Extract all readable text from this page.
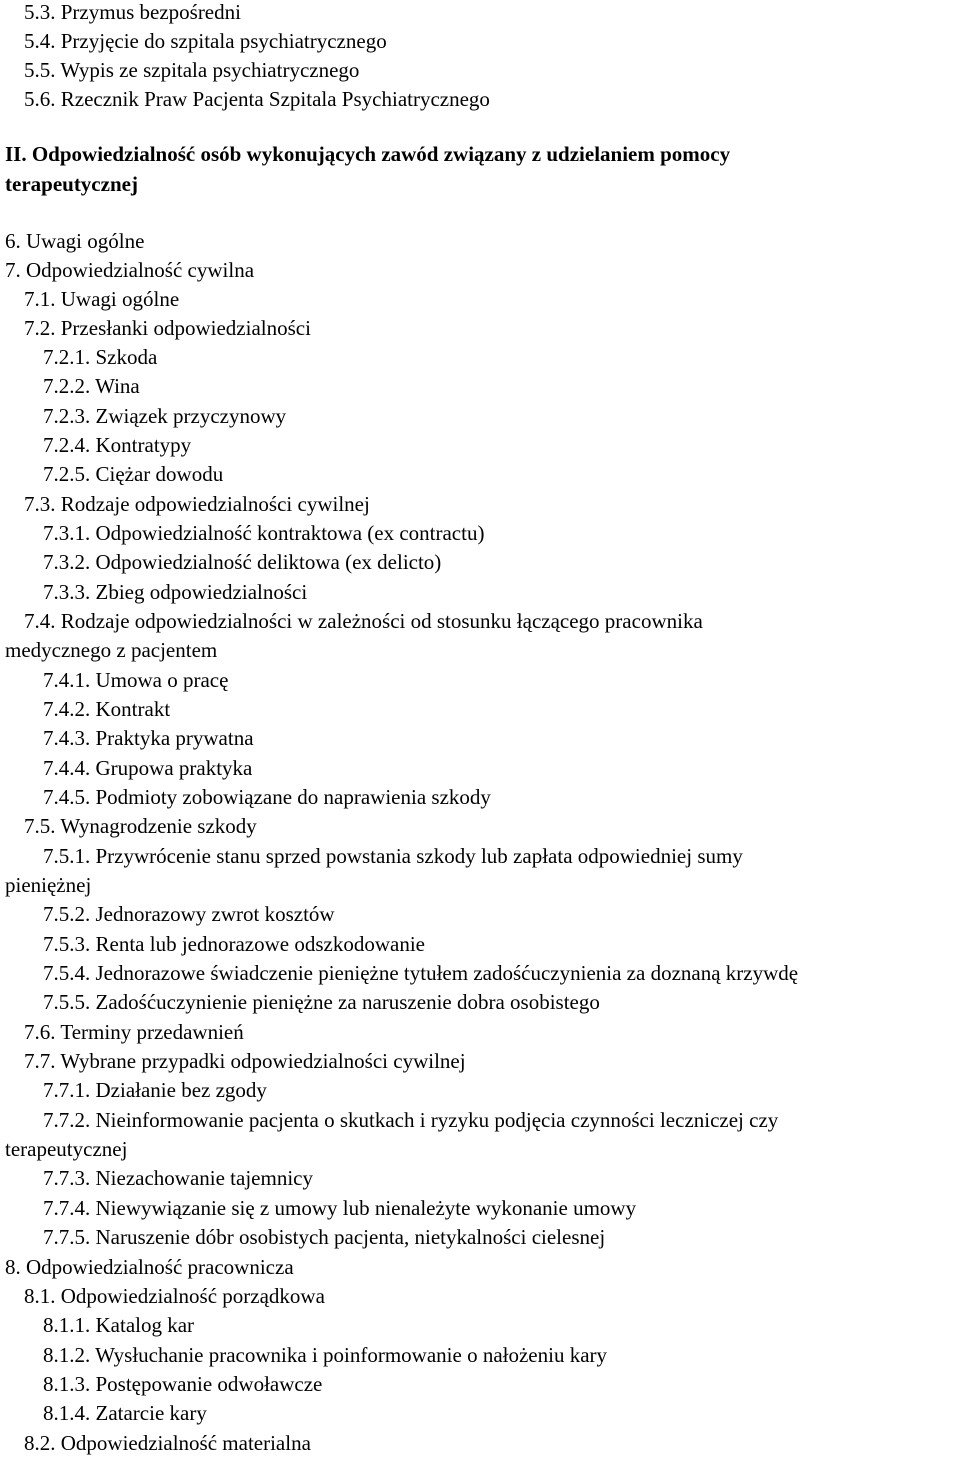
5.3. Przymus bezpośredni
5.4. Przyjęcie do szpitala psychiatrycznego
5.5. Wypis ze szpitala psychiatrycznego
5.6. Rzecznik Praw Pacjenta Szpitala Psychiatrycznego
II. Odpowiedzialność osób wykonujących zawód związany z udzielaniem pomocy
terapeutycznej
6. Uwagi ogólne
7. Odpowiedzialność cywilna
7.1. Uwagi ogólne
7.2. Przesłanki odpowiedzialności
7.2.1. Szkoda
7.2.2. Wina
7.2.3. Związek przyczynowy
7.2.4. Kontratypy
7.2.5. Ciężar dowodu
7.3. Rodzaje odpowiedzialności cywilnej
7.3.1. Odpowiedzialność kontraktowa (ex contractu)
7.3.2. Odpowiedzialność deliktowa (ex delicto)
7.3.3. Zbieg odpowiedzialności
7.4. Rodzaje odpowiedzialności w zależności od stosunku łączącego pracownika
medycznego z pacjentem
7.4.1. Umowa o pracę
7.4.2. Kontrakt
7.4.3. Praktyka prywatna
7.4.4. Grupowa praktyka
7.4.5. Podmioty zobowiązane do naprawienia szkody
7.5. Wynagrodzenie szkody
7.5.1. Przywrócenie stanu sprzed powstania szkody lub zapłata odpowiedniej sumy
pieniężnej
7.5.2. Jednorazowy zwrot kosztów
7.5.3. Renta lub jednorazowe odszkodowanie
7.5.4. Jednorazowe świadczenie pieniężne tytułem zadośćuczynienia za doznaną krzywdę
7.5.5. Zadośćuczynienie pieniężne za naruszenie dobra osobistego
7.6. Terminy przedawnień
7.7. Wybrane przypadki odpowiedzialności cywilnej
7.7.1. Działanie bez zgody
7.7.2. Nieinformowanie pacjenta o skutkach i ryzyku podjęcia czynności leczniczej czy
terapeutycznej
7.7.3. Niezachowanie tajemnicy
7.7.4. Niewywiązanie się z umowy lub nienależyte wykonanie umowy
7.7.5. Naruszenie dóbr osobistych pacjenta, nietykalności cielesnej
8. Odpowiedzialność pracownicza
8.1. Odpowiedzialność porządkowa
8.1.1. Katalog kar
8.1.2. Wysłuchanie pracownika i poinformowanie o nałożeniu kary
8.1.3. Postępowanie odwoławcze
8.1.4. Zatarcie kary
8.2. Odpowiedzialność materialna
